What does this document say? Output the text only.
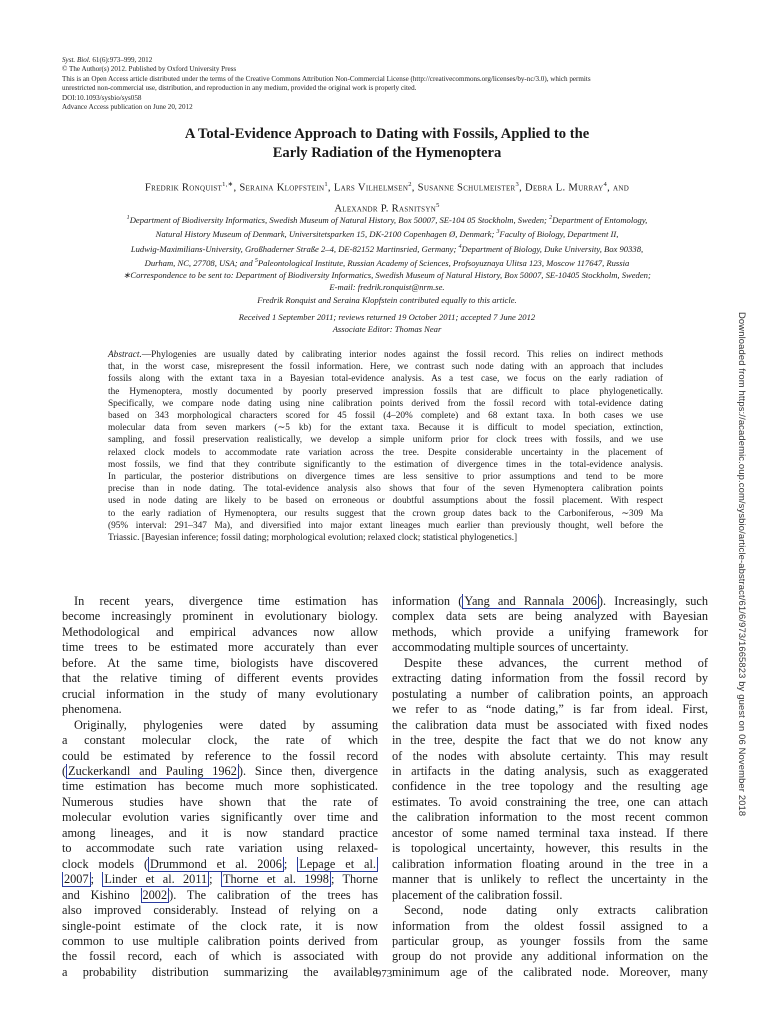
Syst. Biol. 61(6):973–999, 2012
© The Author(s) 2012. Published by Oxford University Press
This is an Open Access article distributed under the terms of the Creative Commons Attribution Non-Commercial License (http://creativecommons.org/licenses/by-nc/3.0), which permits
unrestricted non-commercial use, distribution, and reproduction in any medium, provided the original work is properly cited.
DOI:10.1093/sysbio/sys058
Advance Access publication on June 20, 2012
A Total-Evidence Approach to Dating with Fossils, Applied to the
Early Radiation of the Hymenoptera
Fredrik Ronquist$^{1,∗}$, Seraina Klopfstein$^1$, Lars Vilhelmsen$^2$, Susanne Schulmeister$^3$, Debra L. Murray$^4$, and
Alexandr P. Rasnitsyn$^5$
$^1$Department of Biodiversity Informatics, Swedish Museum of Natural History, Box 50007, SE-104 05 Stockholm, Sweden; $^2$Department of Entomology,
Natural History Museum of Denmark, Universitetsparken 15, DK-2100 Copenhagen Ø, Denmark; $^3$Faculty of Biology, Department II,
Ludwig-Maximilians-University, Großhaderner Straße 2–4, DE-82152 Martinsried, Germany; $^4$Department of Biology, Duke University, Box 90338,
Durham, NC, 27708, USA; and $^5$Paleontological Institute, Russian Academy of Sciences, Profsoyuznaya Ulitsa 123, Moscow 117647, Russia
∗Correspondence to be sent to: Department of Biodiversity Informatics, Swedish Museum of Natural History, Box 50007, SE-10405 Stockholm, Sweden;
E-mail: fredrik.ronquist@nrm.se.
Fredrik Ronquist and Seraina Klopfstein contributed equally to this article.
Received 1 September 2011; reviews returned 19 October 2011; accepted 7 June 2012
Associate Editor: Thomas Near
Abstract.—Phylogenies are usually dated by calibrating interior nodes against the fossil record. This relies on indirect methods
that, in the worst case, misrepresent the fossil information. Here, we contrast such node dating with an approach that includes
fossils along with the extant taxa in a Bayesian total-evidence analysis. As a test case, we focus on the early radiation of
the Hymenoptera, mostly documented by poorly preserved impression fossils that are difficult to place phylogenetically.
Specifically, we compare node dating using nine calibration points derived from the fossil record with total-evidence dating
based on 343 morphological characters scored for 45 fossil (4–20% complete) and 68 extant taxa. In both cases we use
molecular data from seven markers (∼5 kb) for the extant taxa. Because it is difficult to model speciation, extinction,
sampling, and fossil preservation realistically, we develop a simple uniform prior for clock trees with fossils, and we use
relaxed clock models to accommodate rate variation across the tree. Despite considerable uncertainty in the placement of
most fossils, we find that they contribute significantly to the estimation of divergence times in the total-evidence analysis.
In particular, the posterior distributions on divergence times are less sensitive to prior assumptions and tend to be more
precise than in node dating. The total-evidence analysis also shows that four of the seven Hymenoptera calibration points
used in node dating are likely to be based on erroneous or doubtful assumptions about the fossil placement. With respect
to the early radiation of Hymenoptera, our results suggest that the crown group dates back to the Carboniferous, ∼309 Ma
(95% interval: 291–347 Ma), and diversified into major extant lineages much earlier than previously thought, well before the
Triassic. [Bayesian inference; fossil dating; morphological evolution; relaxed clock; statistical phylogenetics.]
In recent years, divergence time estimation has
become increasingly prominent in evolutionary biology.
Methodological and empirical advances now allow
time trees to be estimated more accurately than ever
before. At the same time, biologists have discovered
that the relative timing of different events provides
crucial information in the study of many evolutionary
phenomena.
Originally, phylogenies were dated by assuming
a constant molecular clock, the rate of which
could be estimated by reference to the fossil record
( Zuckerkandl and Pauling 1962 ). Since then, divergence
time estimation has become much more sophisticated.
Numerous studies have shown that the rate of
molecular evolution varies significantly over time and
among lineages, and it is now standard practice
to accommodate such rate variation using relaxed-
clock models ( Drummond et al. 2006 ; Lepage et al.
2007 ; Linder et al. 2011 ; Thorne et al. 1998 ; Thorne
and Kishino 2002 ). The calibration of the trees has
also improved considerably. Instead of relying on a
single-point estimate of the clock rate, it is now
common to use multiple calibration points derived from
the fossil record, each of which is associated with
a probability distribution summarizing the available
information ( Yang and Rannala 2006 ). Increasingly, such
complex data sets are being analyzed with Bayesian
methods, which provide a unifying framework for
accommodating multiple sources of uncertainty.
Despite these advances, the current method of
extracting dating information from the fossil record by
postulating a number of calibration points, an approach
we refer to as “node dating,” is far from ideal. First,
the calibration data must be associated with fixed nodes
in the tree, despite the fact that we do not know any
of the nodes with absolute certainty. This may result
in artifacts in the dating analysis, such as exaggerated
confidence in the tree topology and the resulting age
estimates. To avoid constraining the tree, one can attach
the calibration information to the most recent common
ancestor of some named terminal taxa instead. If there
is topological uncertainty, however, this results in the
calibration information floating around in the tree in a
manner that is unlikely to reflect the uncertainty in the
placement of the calibration fossil.
Second, node dating only extracts calibration
information from the oldest fossil assigned to a
particular group, as younger fossils from the same
group do not provide any additional information on the
minimum age of the calibrated node. Moreover, many
973
Downloaded from https://academic.oup.com/sysbio/article-abstract/61/6/973/1665823 by guest on 06 November 2018
